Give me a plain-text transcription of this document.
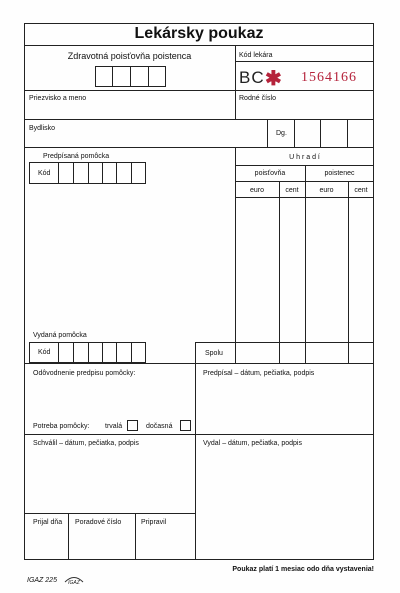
Lekársky poukaz
Zdravotná poisťovňa poistenca	Kód lekára
BC ✱ 1564166
Priezvisko a meno	Rodné číslo
Bydlisko
Dg.
Predpísaná pomôcka
Kód
U h r a d í
poisťovňa	poistenec
euro	cent	euro	cent
Vydaná pomôcka
Kód	Spolu
Odôvodnenie predpisu pomôcky:	Predpísal – dátum, pečiatka, podpis
Potreba pomôcky: trvalá	dočasná
Schválil – dátum, pečiatka, podpis	Vydal – dátum, pečiatka, podpis
Prijal dňa Poradové číslo	Pripravil
Poukaz platí 1 mesiac odo dňa vystavenia!
IGAZ 225 IGAZ
